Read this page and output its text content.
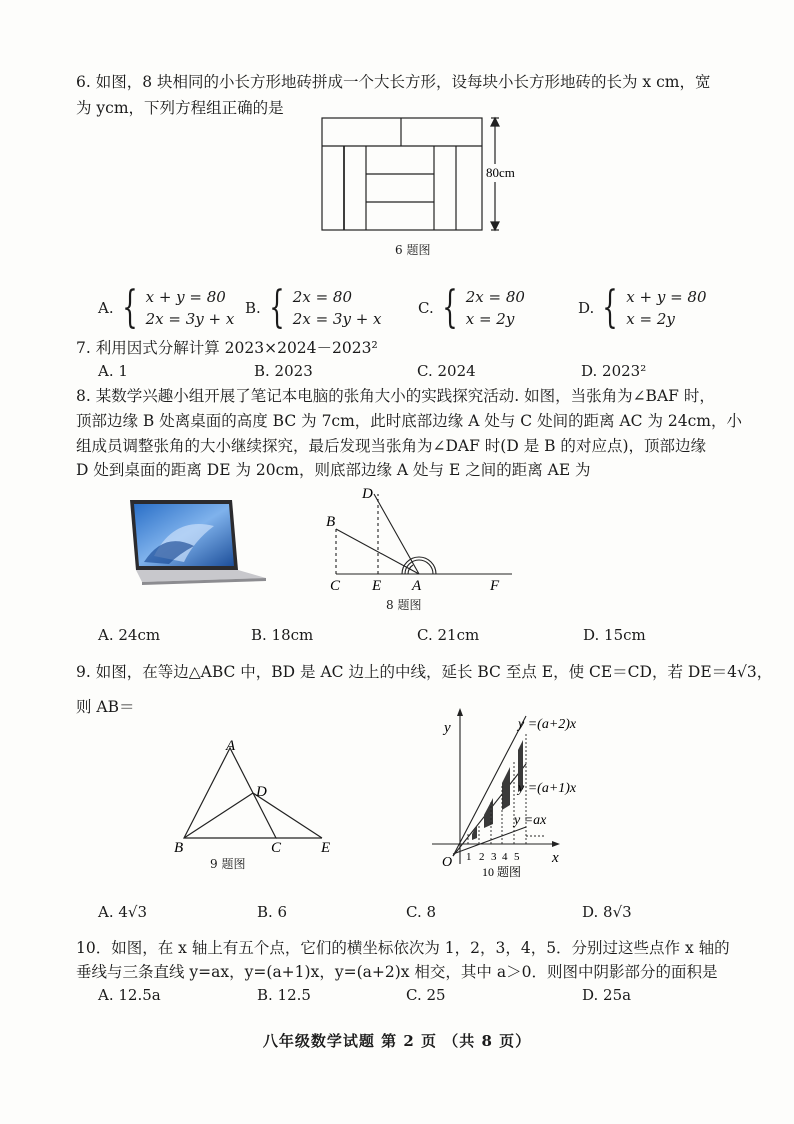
6. 如图，8 块相同的小长方形地砖拼成一个大长方形，设每块小长方形地砖的长为 x cm，宽
为 ycm，下列方程组正确的是
80cm
6 题图
A. { x + y = 80
2x = 3y + x
B. { 2x = 80
2x = 3y + x
C. { 2x = 80
x = 2y
D. { x + y = 80
x = 2y
7. 利用因式分解计算 2023×2024－2023²
A. 1	B. 2023	C. 2024	D. 2023²
8. 某数学兴趣小组开展了笔记本电脑的张角大小的实践探究活动. 如图，当张角为∠BAF 时，
顶部边缘 B 处离桌面的高度 BC 为 7cm，此时底部边缘 A 处与 C 处间的距离 AC 为 24cm，小
组成员调整张角的大小继续探究，最后发现当张角为∠DAF 时(D 是 B 的对应点)，顶部边缘
D 处到桌面的距离 DE 为 20cm，则底部边缘 A 处与 E 之间的距离 AE 为
D
B
C E A	F
8 题图
A. 24cm	B. 18cm	C. 21cm	D. 15cm
9. 如图，在等边△ABC 中，BD 是 AC 边上的中线，延长 BC 至点 E，使 CE＝CD，若 DE＝4√3，
则 AB＝
A
D
B	C	E
9 题图
y
x
O
y =(a+2)x
y =(a+1)x
y =ax
1 2 3 4 5
10 题图
A. 4√3	B. 6	C. 8	D. 8√3
10．如图，在 x 轴上有五个点，它们的横坐标依次为 1，2，3，4，5．分别过这些点作 x 轴的
垂线与三条直线 y=ax，y=(a+1)x，y=(a+2)x 相交，其中 a＞0．则图中阴影部分的面积是
A. 12.5a	B. 12.5	C. 25	D. 25a
八年级数学试题 第 2 页 （共 8 页）
